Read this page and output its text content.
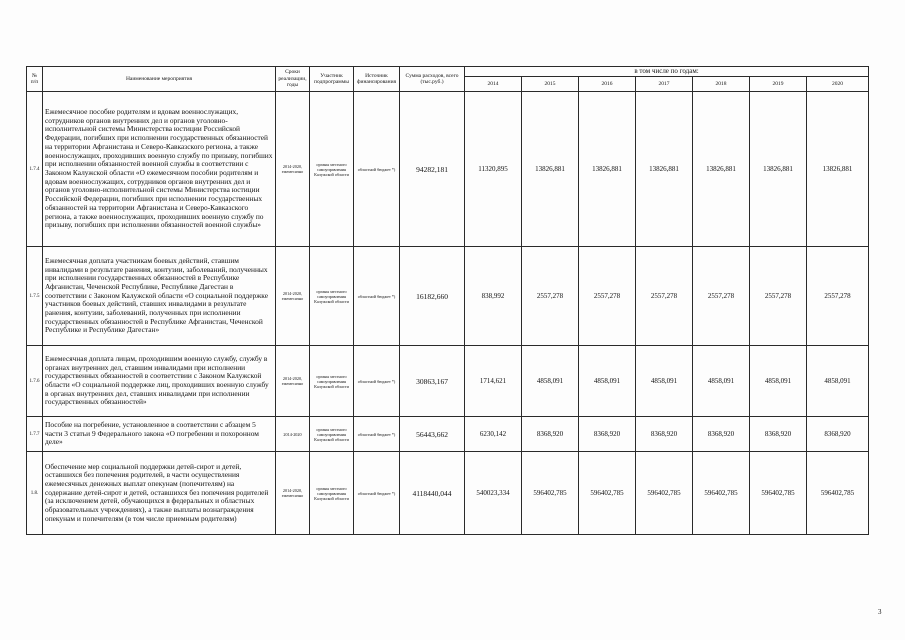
№ п/п	Наименование мероприятия	Сроки реализации, годы	Участник подпрограммы	Источник финансирования	Сумма расходов, всего (тыс.руб.)	в том числе по годам:						
						2014	2015	2016	2017	2018	2019	2020
1.7.4	Ежемесячное пособие родителям и вдовам военнослужащих, сотрудников органов внутренних дел и органов уголовно-исполнительной системы Министерства юстиции Российской Федерации, погибших при исполнении государственных обязанностей на территории Афганистана и Северо-Кавказского региона, а также военнослужащих, проходивших военную службу по призыву, погибших при исполнении обязанностей военной службы в соответствии с Законом Калужской области «О ежемесячном пособии родителям и вдовам военнослужащих, сотрудников органов внутренних дел и органов уголовно-исполнительной системы Министерства юстиции Российской Федерации, погибших при исполнении государственных обязанностей на территории Афганистана и Северо-Кавказского региона, а также военнослужащих, проходивших военную службу по призыву, погибших при исполнении обязанностей военной службы»	2014-2020, ежемесячно	органы местного самоуправления Калужской области	областной бюджет *)	94282,181	11320,895	13826,881	13826,881	13826,881	13826,881	13826,881	13826,881
1.7.5	Ежемесячная доплата участникам боевых действий, ставшим инвалидами в результате ранения, контузии, заболеваний, полученных при исполнении государственных обязанностей в Республике Афганистан, Чеченской Республике, Республике Дагестан в соответствии с Законом Калужской области «О социальной поддержке участников боевых действий, ставших инвалидами в результате ранения, контузии, заболеваний, полученных при исполнении государственных обязанностей в Республике Афганистан, Чеченской Республике и Республике Дагестан»	2014-2020, ежемесячно	органы местного самоуправления Калужской области	областной бюджет *)	16182,660	838,992	2557,278	2557,278	2557,278	2557,278	2557,278	2557,278
1.7.6	Ежемесячная доплата лицам, проходившим военную службу, службу в органах внутренних дел, ставшим инвалидами при исполнении государственных обязанностей в соответствии с Законом Калужской области «О социальной поддержке лиц, проходивших военную службу в органах внутренних дел, ставших инвалидами при исполнении государственных обязанностей»	2014-2020, ежемесячно	органы местного самоуправления Калужской области	областной бюджет *)	30863,167	1714,621	4858,091	4858,091	4858,091	4858,091	4858,091	4858,091
1.7.7	Пособие на погребение, установленное в соответствии с абзацем 5 части 3 статьи 9 Федерального закона «О погребении и похоронном деле»	2014-2020	органы местного самоуправления Калужской области	областной бюджет *)	56443,662	6230,142	8368,920	8368,920	8368,920	8368,920	8368,920	8368,920
1.8.	Обеспечение мер социальной поддержки детей-сирот и детей, оставшихся без попечения родителей, в части осуществления ежемесячных денежных выплат опекунам (попечителям) на содержание детей-сирот и детей, оставшихся без попечения родителей (за исключением детей, обучающихся в федеральных и областных образовательных учреждениях), а также выплаты вознаграждения опекунам и попечителям (в том числе приемным родителям)	2014-2020, ежемесячно	органы местного самоуправления Калужской области	областной бюджет *)	4118440,044	540023,334	596402,785	596402,785	596402,785	596402,785	596402,785	596402,785
3
